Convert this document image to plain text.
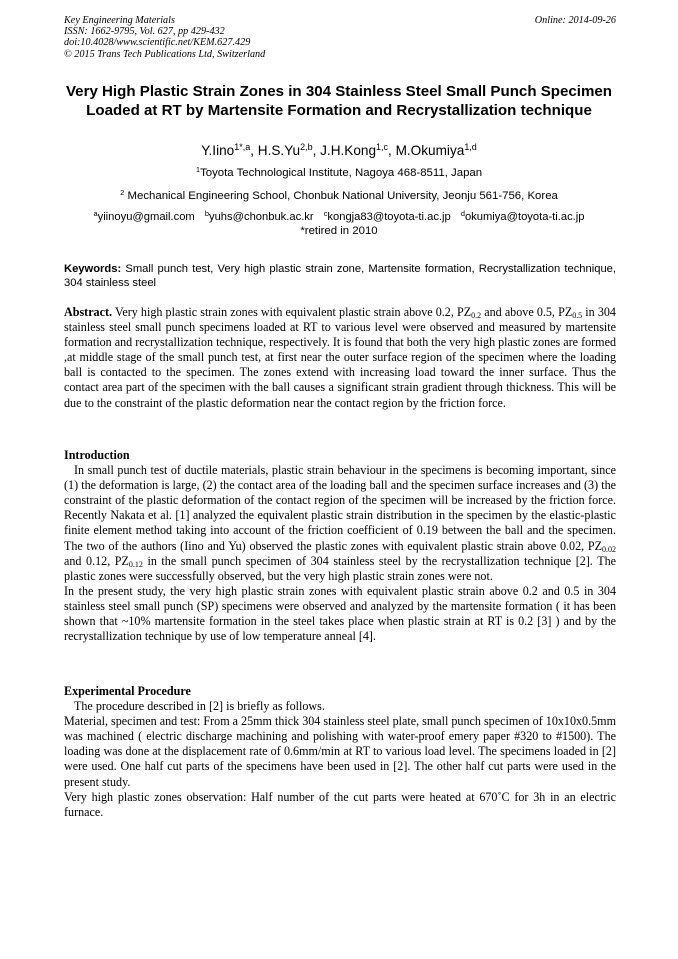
Key Engineering Materials
ISSN: 1662-9795, Vol. 627, pp 429-432
doi:10.4028/www.scientific.net/KEM.627.429
© 2015 Trans Tech Publications Ltd, Switzerland
Online: 2014-09-26
Very High Plastic Strain Zones in 304 Stainless Steel Small Punch Specimen Loaded at RT by Martensite Formation and Recrystallization technique
Y.Iino$^{1*,a}$, H.S.Yu$^{2,b}$, J.H.Kong$^{1,c}$, M.Okumiya$^{1,d}$
$^1$Toyota Technological Institute, Nagoya 468-8511, Japan
$^2$ Mechanical Engineering School, Chonbuk National University, Jeonju 561-756, Korea
$^a$yiinoyu@gmail.com $^b$yuhs@chonbuk.ac.kr $^c$kongja83@toyota-ti.ac.jp $^d$okumiya@toyota-ti.ac.jp
*retired in 2010
Keywords: Small punch test, Very high plastic strain zone, Martensite formation, Recrystallization technique, 304 stainless steel

Abstract. Very high plastic strain zones with equivalent plastic strain above 0.2, $PZ_{0.2}$ and above 0.5, $PZ_{0.5}$ in 304 stainless steel small punch specimens loaded at RT to various level were observed and measured by martensite formation and recrystallization technique, respectively. It is found that both the very high plastic zones are formed ,at middle stage of the small punch test, at first near the outer surface region of the specimen where the loading ball is contacted to the specimen. The zones extend with increasing load toward the inner surface. Thus the contact area part of the specimen with the ball causes a significant strain gradient through thickness. This will be due to the constraint of the plastic deformation near the contact region by the friction force.

Introduction

In small punch test of ductile materials, plastic strain behaviour in the specimens is becoming important, since (1) the deformation is large, (2) the contact area of the loading ball and the specimen surface increases and (3) the constraint of the plastic deformation of the contact region of the specimen will be increased by the friction force. Recently Nakata et al. [1] analyzed the equivalent plastic strain distribution in the specimen by the elastic-plastic finite element method taking into account of the friction coefficient of 0.19 between the ball and the specimen. The two of the authors (Iino and Yu) observed the plastic zones with equivalent plastic strain above 0.02, $PZ_{0.02}$ and 0.12, $PZ_{0.12}$ in the small punch specimen of 304 stainless steel by the recrystallization technique [2]. The plastic zones were successfully observed, but the very high plastic strain zones were not.

In the present study, the very high plastic strain zones with equivalent plastic strain above 0.2 and 0.5 in 304 stainless steel small punch (SP) specimens were observed and analyzed by the martensite formation ( it has been shown that ~10% martensite formation in the steel takes place when plastic strain at RT is 0.2 [3] ) and by the recrystallization technique by use of low temperature anneal [4].

Experimental Procedure

The procedure described in [2] is briefly as follows.

Material, specimen and test: From a 25mm thick 304 stainless steel plate, small punch specimen of 10x10x0.5mm was machined ( electric discharge machining and polishing with water-proof emery paper #320 to #1500). The loading was done at the displacement rate of 0.6mm/min at RT to various load level. The specimens loaded in [2] were used. One half cut parts of the specimens have been used in [2]. The other half cut parts were used in the present study.

Very high plastic zones observation: Half number of the cut parts were heated at 670˚C for 3h in an electric furnace.
